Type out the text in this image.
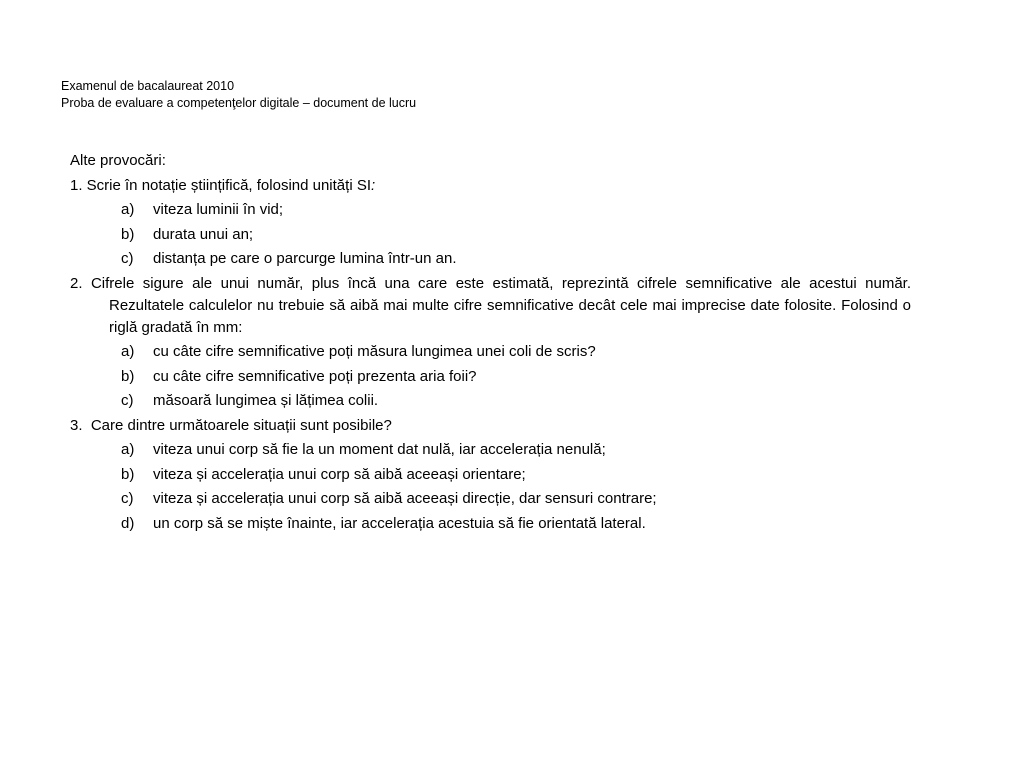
Examenul de bacalaureat 2010
Proba de evaluare a competenţelor digitale – document de lucru
Alte provocări:
1. Scrie în notație științifică, folosind unități SI:
a) viteza luminii în vid;
b) durata unui an;
c) distanța pe care o parcurge lumina într-un an.
2. Cifrele sigure ale unui număr, plus încă una care este estimată, reprezintă cifrele semnificative ale acestui număr. Rezultatele calculelor nu trebuie să aibă mai multe cifre semnificative decât cele mai imprecise date folosite. Folosind o riglă gradată în mm:
a) cu câte cifre semnificative poți măsura lungimea unei coli de scris?
b) cu câte cifre semnificative poți prezenta aria foii?
c) măsoară lungimea și lățimea colii.
3.  Care dintre următoarele situații sunt posibile?
a) viteza unui corp să fie la un moment dat nulă, iar accelerația nenulă;
b) viteza și accelerația unui corp să aibă aceeași orientare;
c) viteza și accelerația unui corp să aibă aceeași direcție, dar sensuri contrare;
d) un corp să se miște înainte, iar accelerația acestuia să fie orientată lateral.
